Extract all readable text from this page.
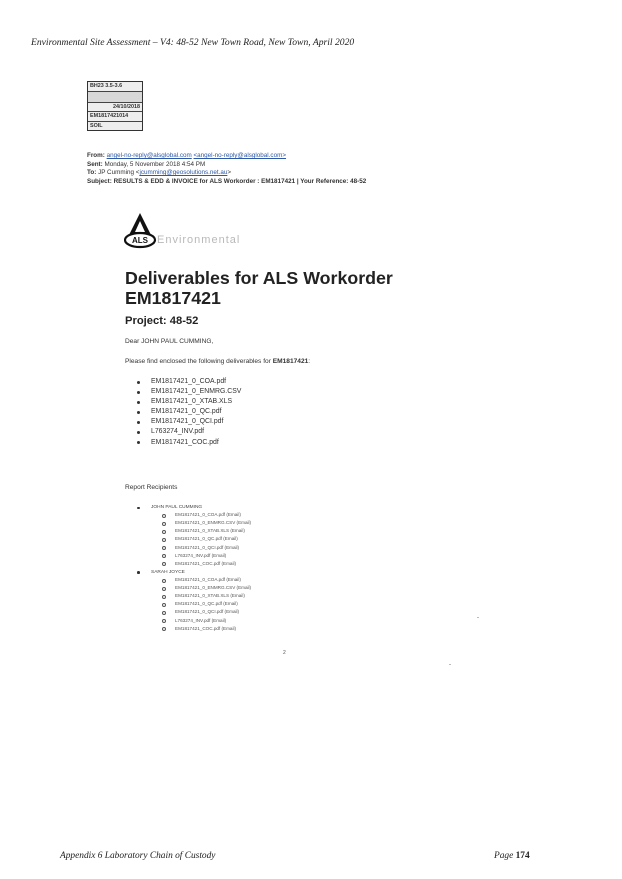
Environmental Site Assessment – V4: 48-52 New Town Road, New Town, April 2020
BH23 3.5-3.6
24/10/2018
EM1817421014
SOIL
From: angel-no-reply@alsglobal.com <angel-no-reply@alsglobal.com>
Sent: Monday, 5 November 2018 4:54 PM
To: JP Cumming <jcumming@geosolutions.net.au>
Subject: RESULTS & EDD & INVOICE for ALS Workorder : EM1817421 | Your Reference: 48-52
ALS Environmental
Deliverables for ALS Workorder
EM1817421
Project: 48-52
Dear JOHN PAUL CUMMING,
Please find enclosed the following deliverables for EM1817421:
EM1817421_0_COA.pdf
EM1817421_0_ENMRG.CSV
EM1817421_0_XTAB.XLS
EM1817421_0_QC.pdf
EM1817421_0_QCI.pdf
L763274_INV.pdf
EM1817421_COC.pdf
Report Recipients
JOHN PAUL CUMMING
EM1817421_0_COA.pdf (Email)
EM1817421_0_ENMRG.CSV (Email)
EM1817421_0_XTAB.XLS (Email)
EM1817421_0_QC.pdf (Email)
EM1817421_0_QCI.pdf (Email)
L763274_INV.pdf (Email)
EM1817421_COC.pdf (Email)
SARAH JOYCE
EM1817421_0_COA.pdf (Email)
EM1817421_0_ENMRG.CSV (Email)
EM1817421_0_XTAB.XLS (Email)
EM1817421_0_QC.pdf (Email)
EM1817421_0_QCI.pdf (Email)
L763274_INV.pdf (Email)
EM1817421_COC.pdf (Email)
2
Appendix 6 Laboratory Chain of Custody	Page 174
